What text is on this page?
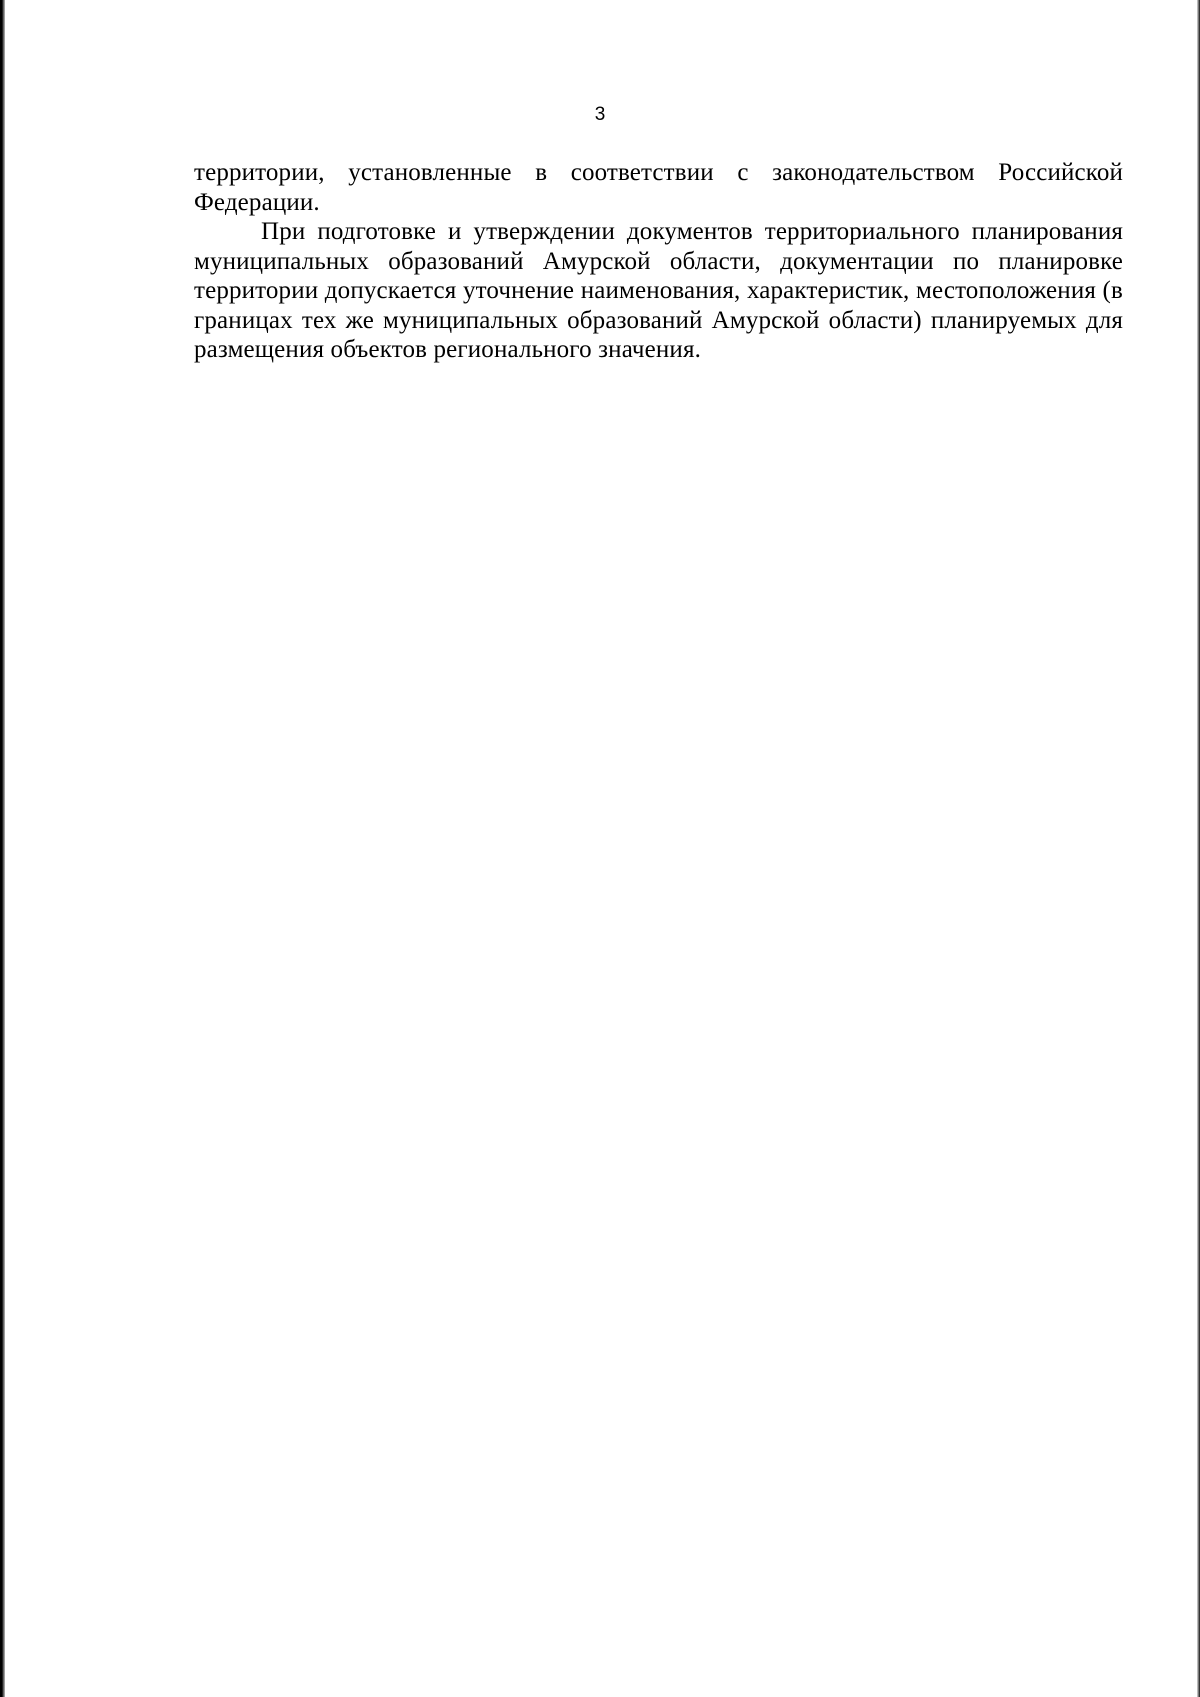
3

территории, установленные в соответствии с законодательством Российской Федерации.

При подготовке и утверждении документов территориального планирования муниципальных образований Амурской области, документации по планировке территории допускается уточнение наименования, характеристик, местоположения (в границах тех же муниципальных образований Амурской области) планируемых для размещения объектов регионального значения.
